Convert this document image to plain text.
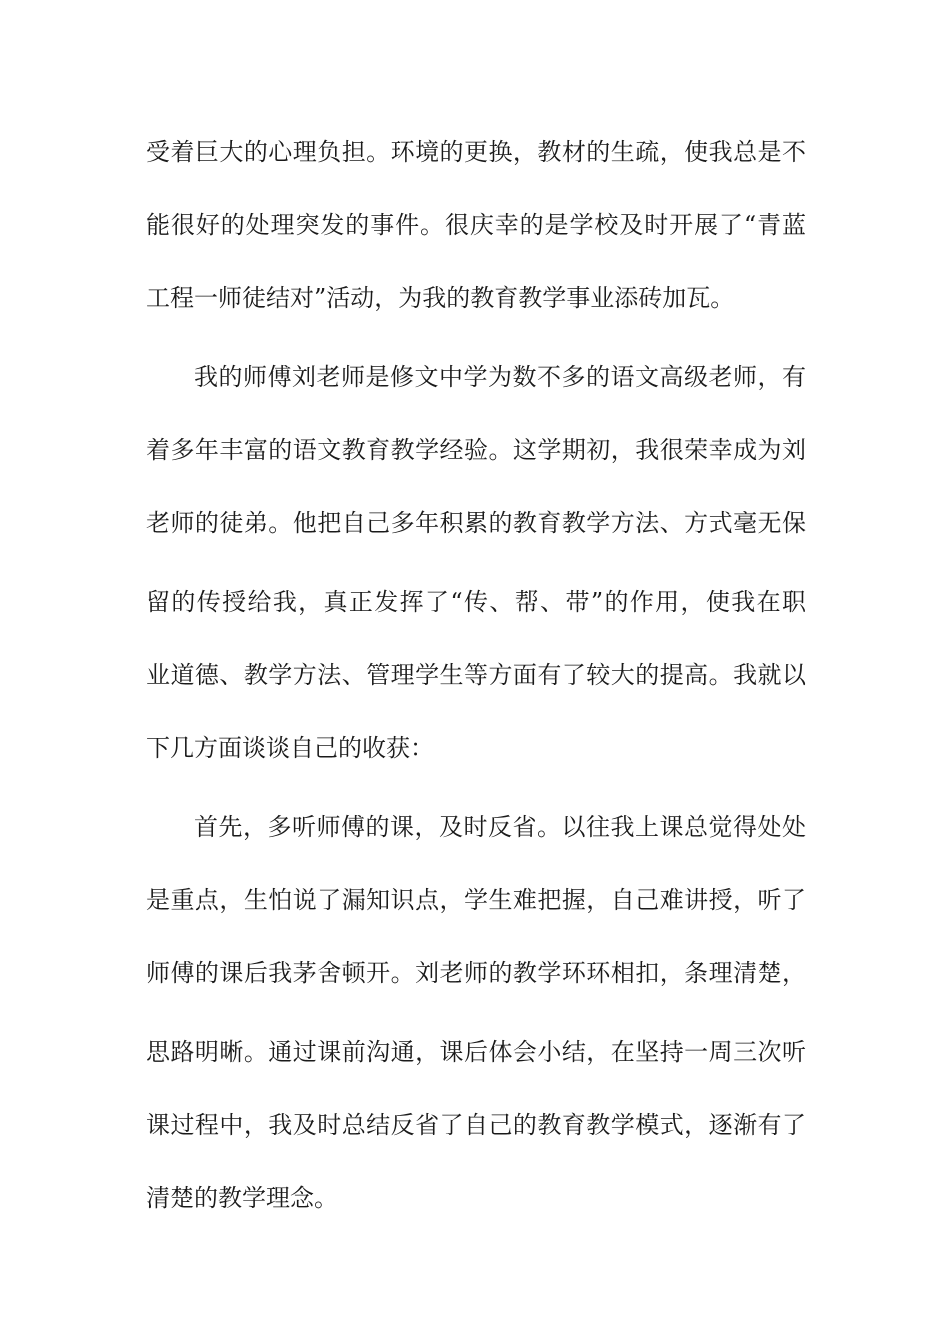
受着巨大的心理负担。环境的更换，教材的生疏，使我总是不
能很好的处理突发的事件。很庆幸的是学校及时开展了“青蓝
工程一师徒结对”活动，为我的教育教学事业添砖加瓦。
我的师傅刘老师是修文中学为数不多的语文高级老师，有
着多年丰富的语文教育教学经验。这学期初，我很荣幸成为刘
老师的徒弟。他把自己多年积累的教育教学方法、方式毫无保
留的传授给我，真正发挥了“传、帮、带”的作用，使我在职
业道德、教学方法、管理学生等方面有了较大的提高。我就以
下几方面谈谈自己的收获：
首先，多听师傅的课，及时反省。以往我上课总觉得处处
是重点，生怕说了漏知识点，学生难把握，自己难讲授，听了
师傅的课后我茅舍顿开。刘老师的教学环环相扣，条理清楚，
思路明晰。通过课前沟通，课后体会小结，在坚持一周三次听
课过程中，我及时总结反省了自己的教育教学模式，逐渐有了
清楚的教学理念。
